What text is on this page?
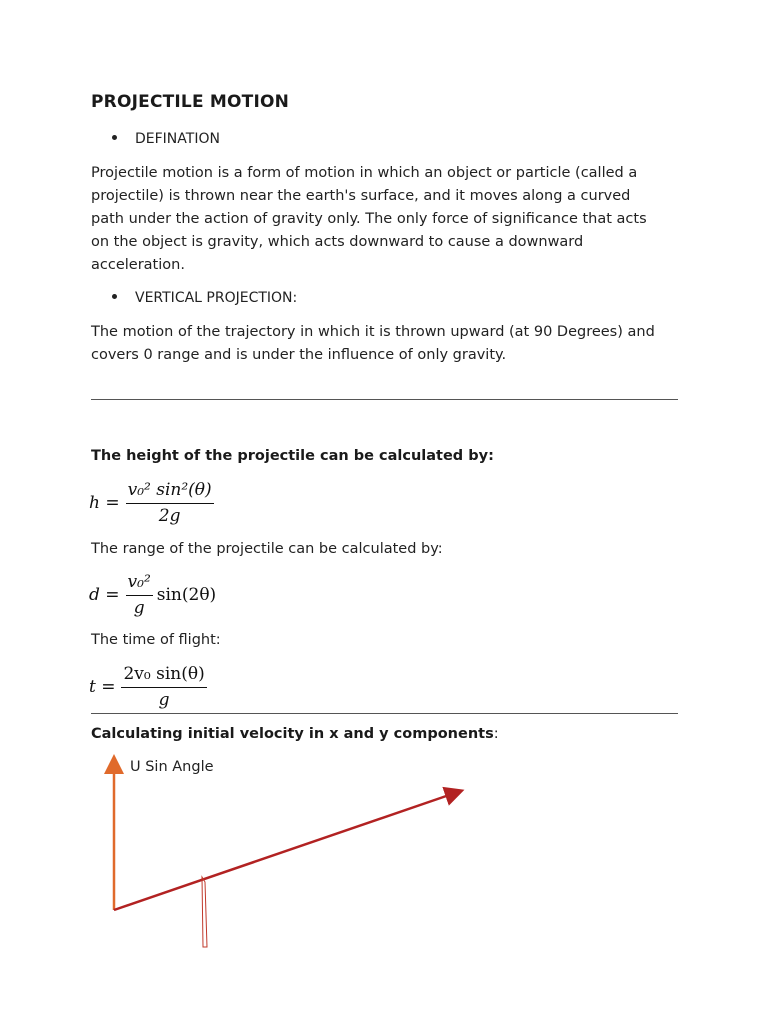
PROJECTILE MOTION
DEFINATION
Projectile motion is a form of motion in which an object or particle (called a
projectile) is thrown near the earth's surface, and it moves along a curved
path under the action of gravity only. The only force of significance that acts
on the object is gravity, which acts downward to cause a downward
acceleration.
VERTICAL PROJECTION:
The motion of the trajectory in which it is thrown upward (at 90 Degrees) and
covers 0 range and is under the influence of only gravity.
The height of the projectile can be calculated by:
$h = \frac{\text{v₀² sin²(θ)}}{2g}$
The range of the projectile can be calculated by:
$d = \frac{\text{v₀²}}{g} \sin(2\theta)$
The time of flight:
$t = \frac{\text{2v₀ sin(θ)}}{g}$
Calculating initial velocity in x and y components:
U Sin Angle
